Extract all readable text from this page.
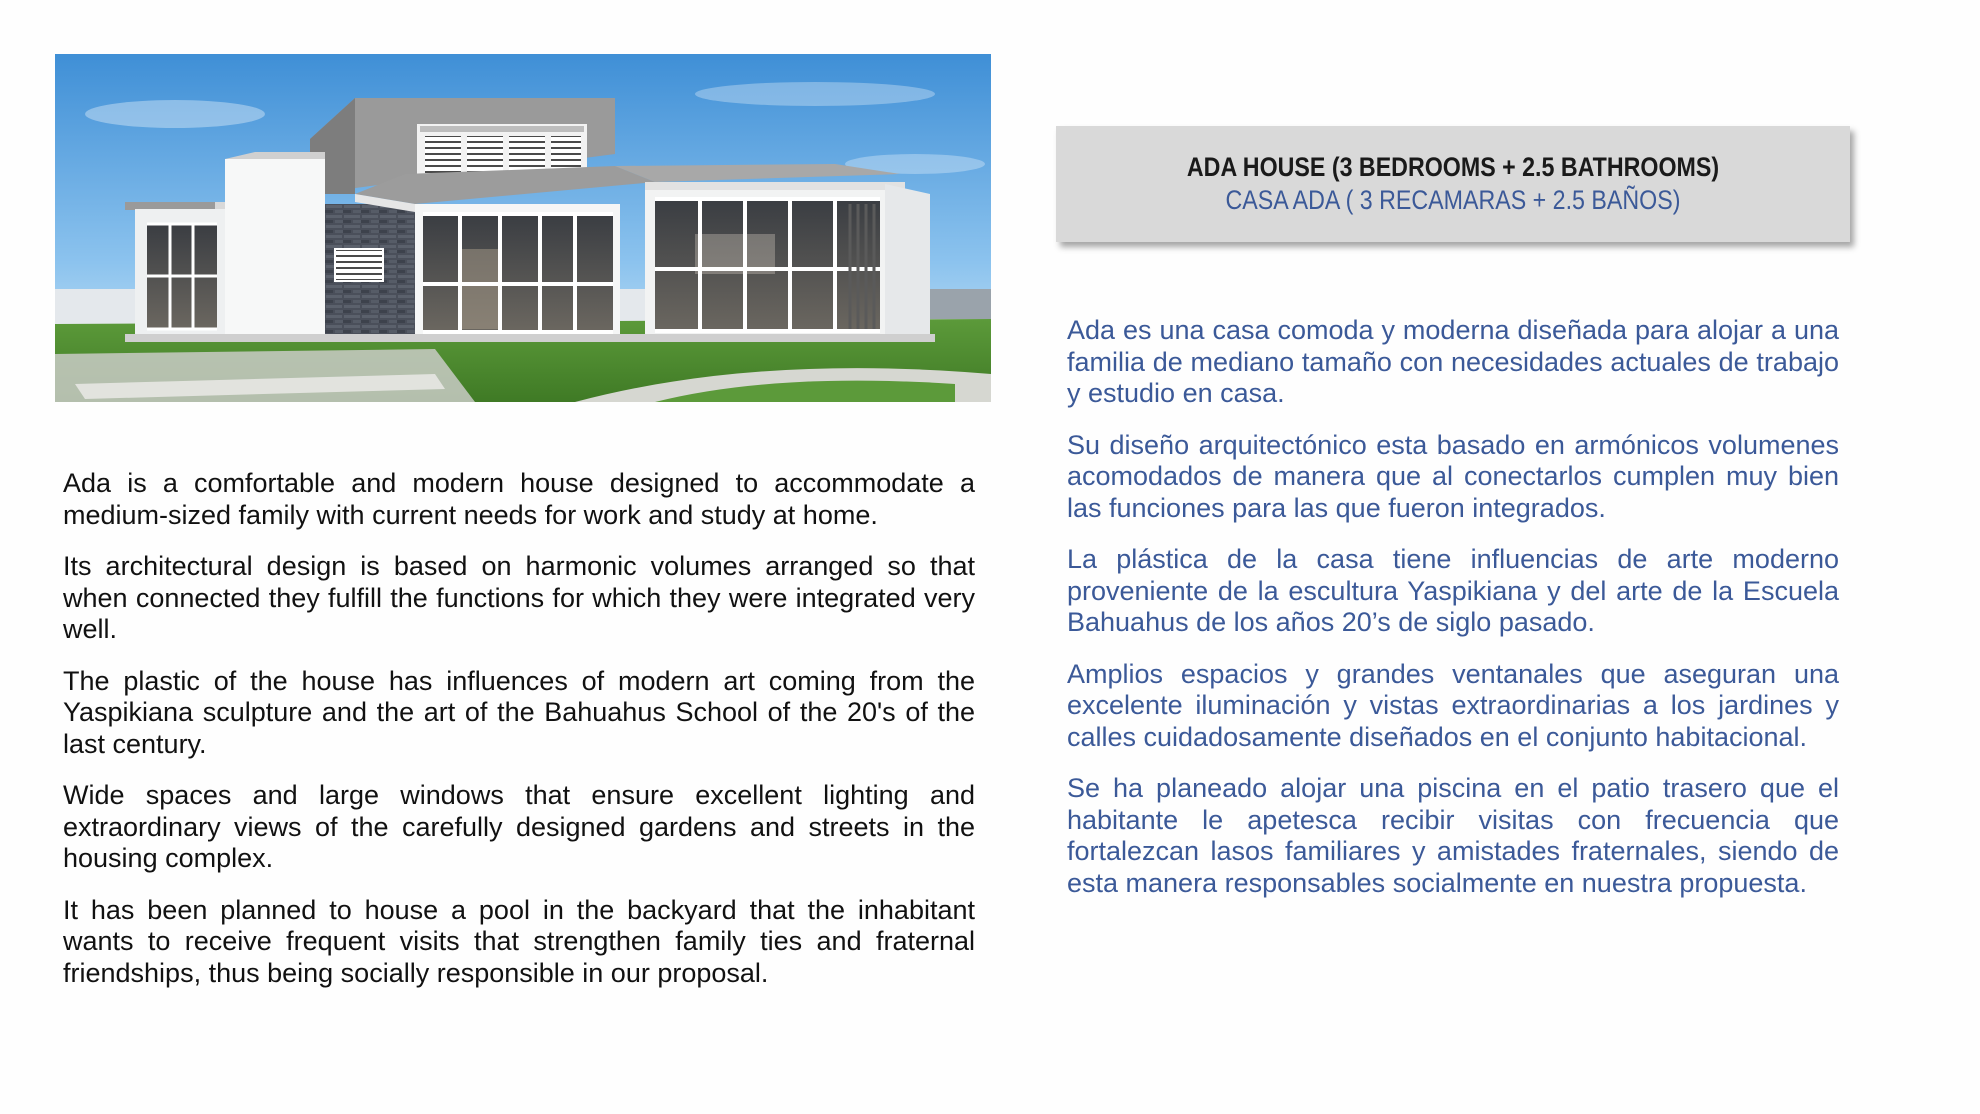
ADA HOUSE (3 BEDROOMS + 2.5 BATHROOMS)
CASA ADA ( 3 RECAMARAS + 2.5 BAÑOS)

Ada is a comfortable and modern house designed to accommodate a medium-sized family with current needs for work and study at home.

Its architectural design is based on harmonic volumes arranged so that when connected they fulfill the functions for which they were integrated very well.

The plastic of the house has influences of modern art coming from the Yaspikiana sculpture and the art of the Bahuahus School of the 20's of the last century.

Wide spaces and large windows that ensure excellent lighting and extraordinary views of the carefully designed gardens and streets in the housing complex.

It has been planned to house a pool in the backyard that the inhabitant wants to receive frequent visits that strengthen family ties and fraternal friendships, thus being socially responsible in our proposal.

Ada es una casa comoda y moderna diseñada para alojar a una familia de mediano tamaño con necesidades actuales de trabajo y estudio en casa.

Su diseño arquitectónico esta basado en armónicos volumenes acomodados de manera que al conectarlos cumplen muy bien las funciones para las que fueron integrados.

La plástica de la casa tiene influencias de arte moderno proveniente de la escultura Yaspikiana y del arte de la Escuela Bahuahus de los años 20’s de siglo pasado.

Amplios espacios y grandes ventanales que aseguran una excelente iluminación y vistas extraordinarias a los jardines y calles cuidadosamente diseñados en el conjunto habitacional.

Se ha planeado alojar una piscina en el patio trasero que el habitante le apetesca recibir visitas con frecuencia que fortalezcan lasos familiares y amistades fraternales, siendo de esta manera responsables socialmente en nuestra propuesta.
